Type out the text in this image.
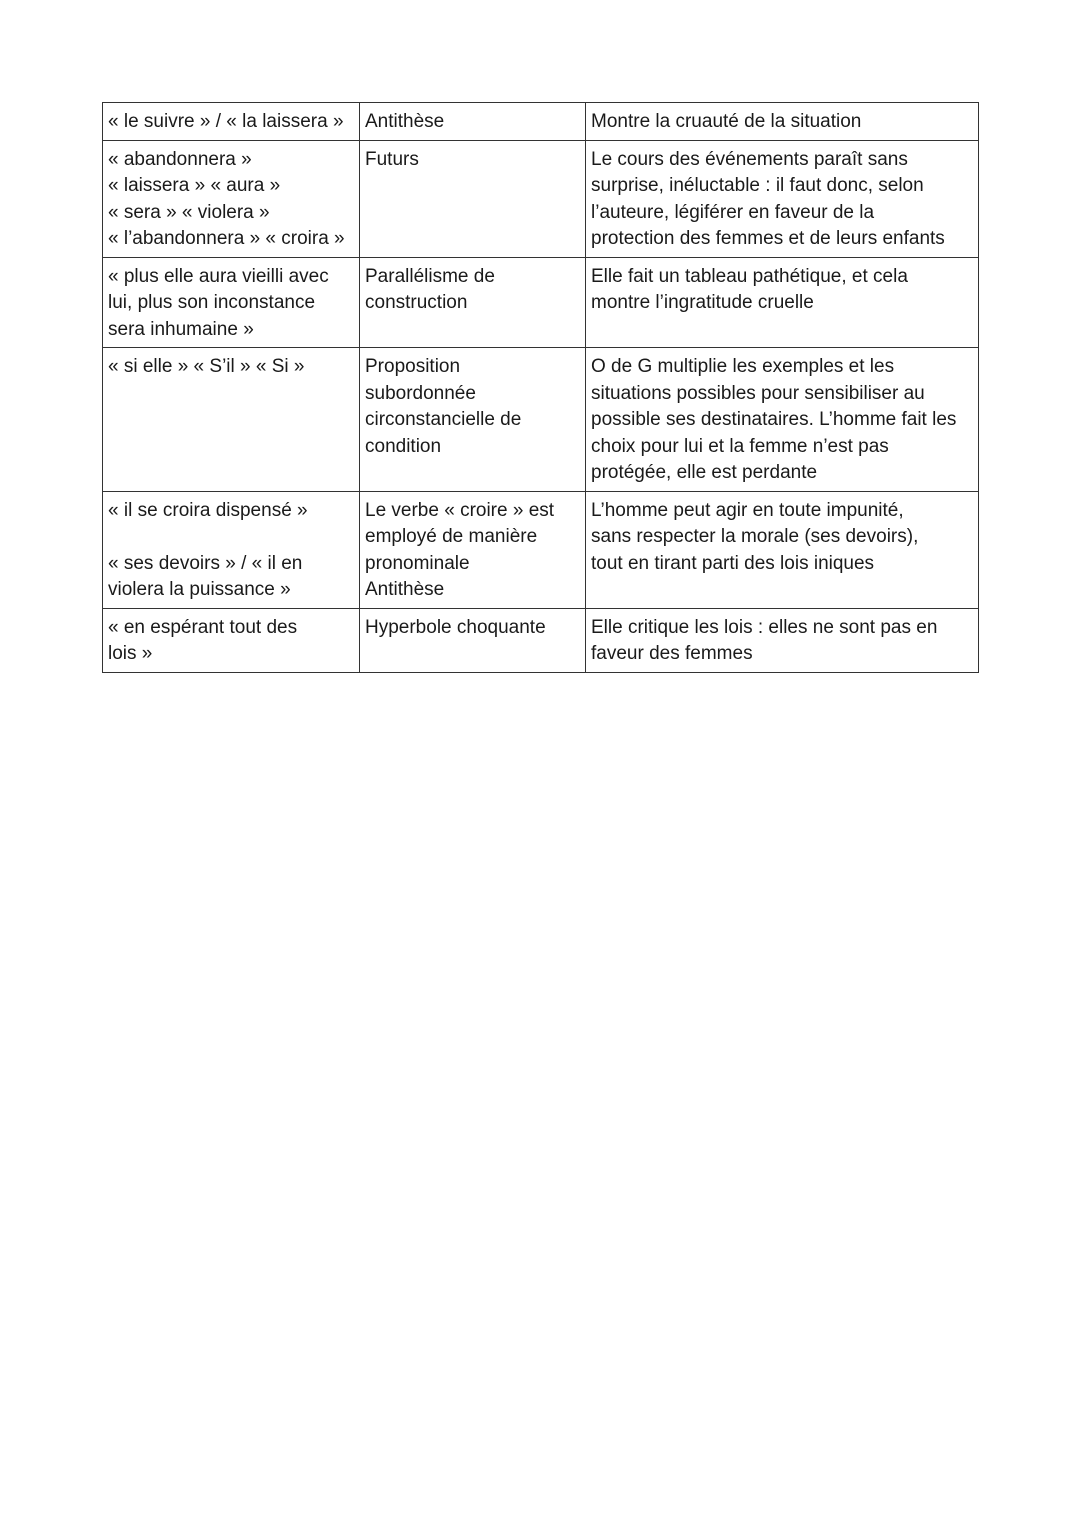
« le suivre » / « la laissera »	Antithèse	Montre la cruauté de la situation

« abandonnera »
« laissera » « aura »
« sera » « violera »
« l’abandonnera » « croira »	Futurs	Le cours des événements paraît sans
surprise, inéluctable : il faut donc, selon
l’auteure, légiférer en faveur de la
protection des femmes et de leurs enfants

« plus elle aura vieilli avec
lui, plus son inconstance
sera inhumaine »	Parallélisme de
construction	Elle fait un tableau pathétique, et cela
montre l’ingratitude cruelle

« si elle » « S’il » « Si »	Proposition
subordonnée
circonstancielle de
condition	O de G multiplie les exemples et les
situations possibles pour sensibiliser au
possible ses destinataires. L’homme fait les
choix pour lui et la femme n’est pas
protégée, elle est perdante

« il se croira dispensé »
« ses devoirs » / « il en
violera la puissance »	Le verbe « croire » est
employé de manière
pronominale
Antithèse	L’homme peut agir en toute impunité,
sans respecter la morale (ses devoirs),
tout en tirant parti des lois iniques

« en espérant tout des
lois »	Hyperbole choquante	Elle critique les lois : elles ne sont pas en
faveur des femmes
